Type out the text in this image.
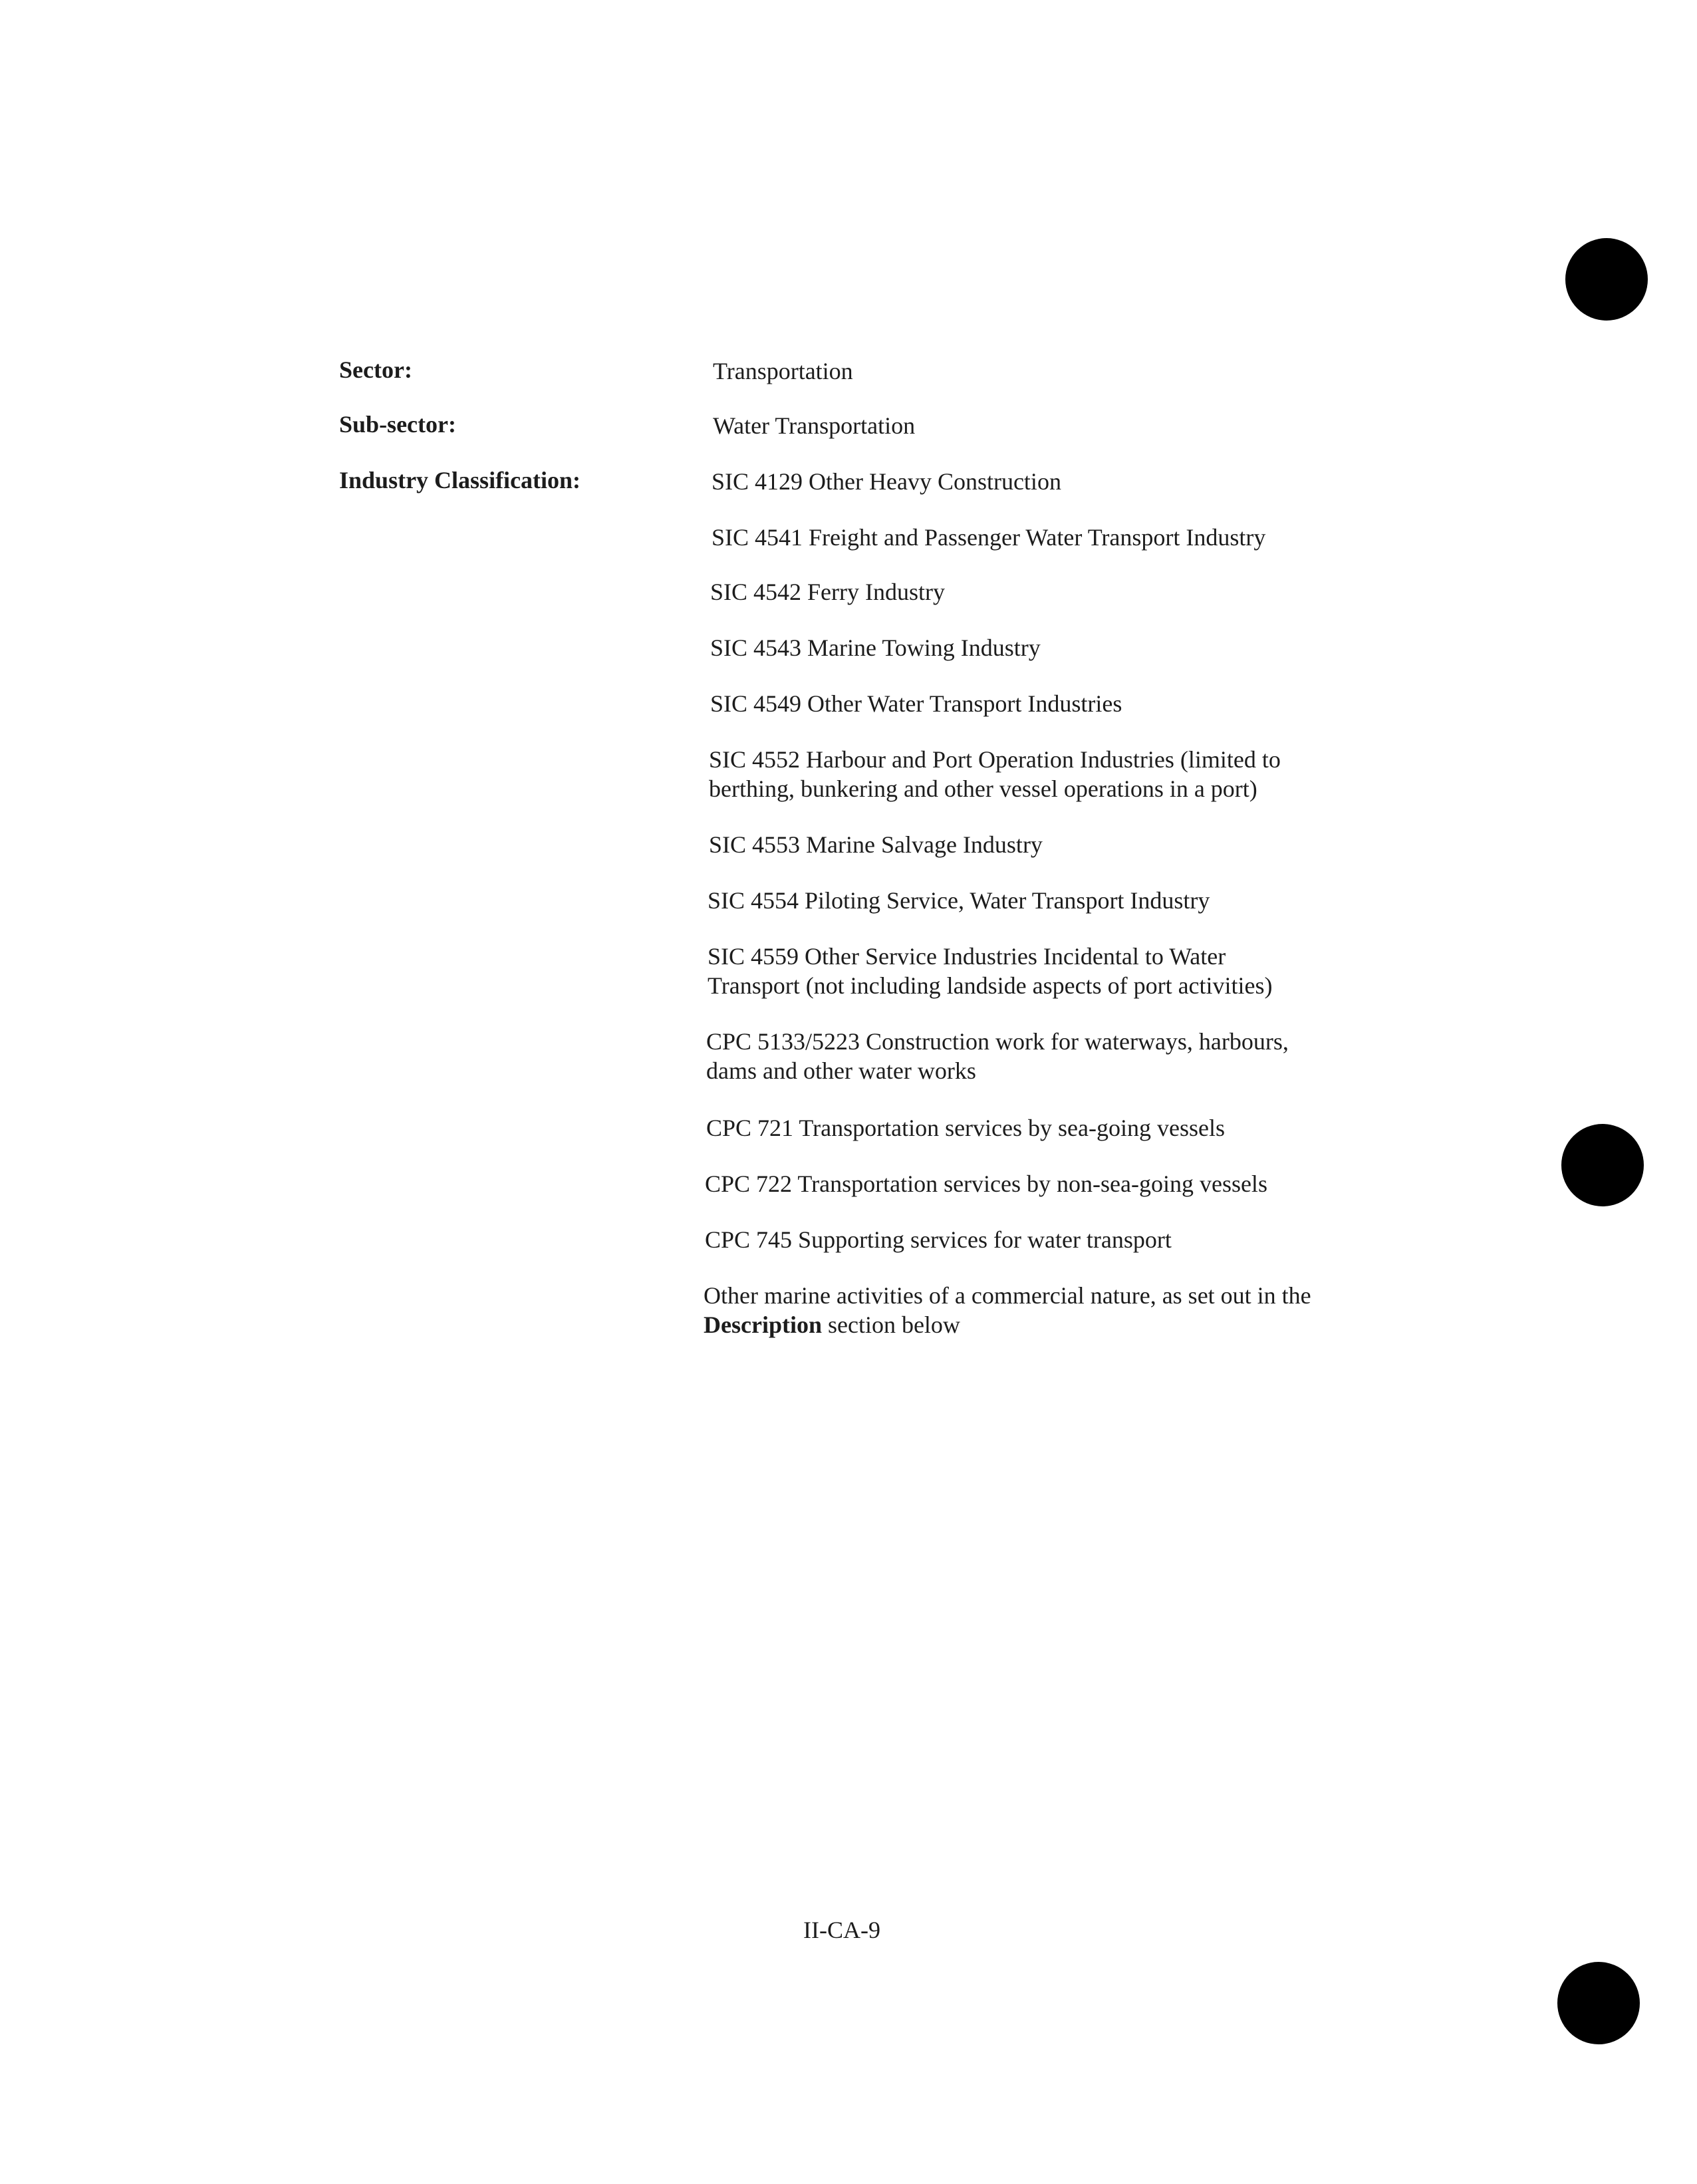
Sector:
Sub-sector:
Industry Classification:
Transportation
Water Transportation
SIC 4129 Other Heavy Construction
SIC 4541 Freight and Passenger Water Transport Industry
SIC 4542 Ferry Industry
SIC 4543 Marine Towing Industry
SIC 4549 Other Water Transport Industries
SIC 4552 Harbour and Port Operation Industries (limited to berthing, bunkering and other vessel operations in a port)
SIC 4553 Marine Salvage Industry
SIC 4554 Piloting Service, Water Transport Industry
SIC 4559 Other Service Industries Incidental to Water Transport (not including landside aspects of port activities)
CPC 5133/5223 Construction work for waterways, harbours, dams and other water works
CPC 721 Transportation services by sea-going vessels
CPC 722 Transportation services by non-sea-going vessels
CPC 745 Supporting services for water transport
Other marine activities of a commercial nature, as set out in the Description section below
II-CA-9
